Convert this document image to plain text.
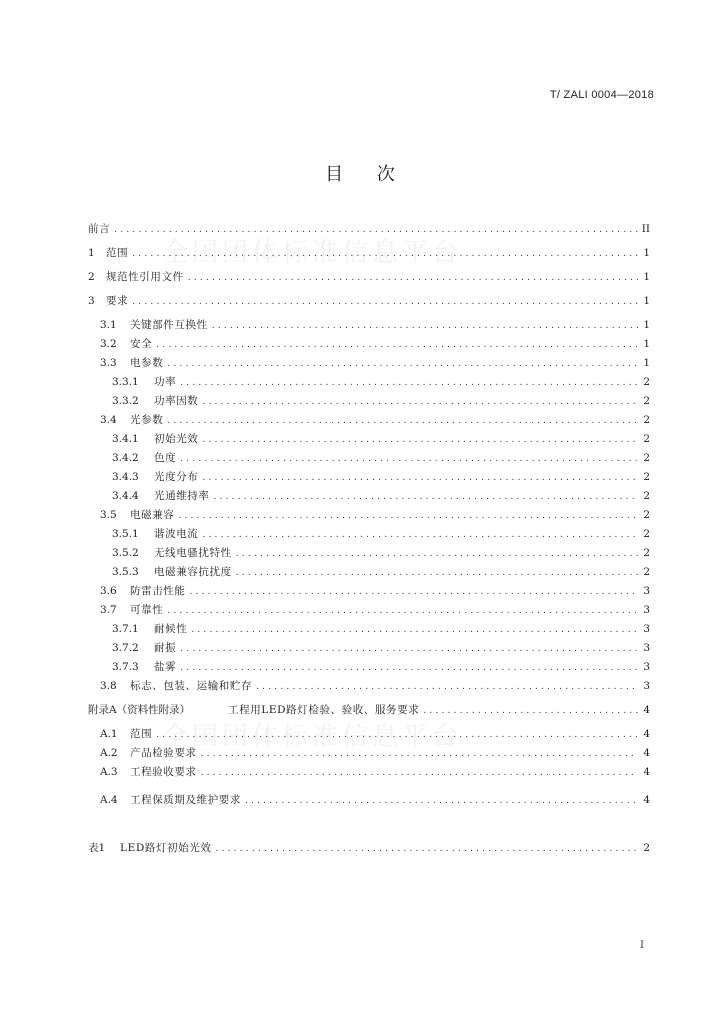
T/ ZALI 0004—2018
目 次
全国团体标准信息平台
全国团体标准信息平台
前言 .....	II
1	范围 .....	1
2	规范性引用文件 .....	1
3	要求 .....	1
3.1	关键部件互换性 .....	1
3.2	安全 .....	1
3.3	电参数 .....	1
3.3.1	功率 .....	2
3.3.2	功率因数 .....	2
3.4	光参数 .....	2
3.4.1	初始光效 .....	2
3.4.2	色度 .....	2
3.4.3	光度分布 .....	2
3.4.4	光通维持率 .....	2
3.5	电磁兼容 .....	2
3.5.1	谐波电流 .....	2
3.5.2	无线电骚扰特性 .....	2
3.5.3	电磁兼容抗扰度 .....	2
3.6	防雷击性能 .....	3
3.7	可靠性 .....	3
3.7.1	耐候性 .....	3
3.7.2	耐振 .....	3
3.7.3	盐雾 .....	3
3.8	标志、包装、运输和贮存 .....	3
附录A（资料性附录）	工程用LED路灯检验、验收、服务要求 .....	4
A.1	范围 .....	4
A.2	产品检验要求 .....	4
A.3	工程验收要求 .....	4
A.4	工程保质期及维护要求 .....	4
表1	LED路灯初始光效 .....	2
I
